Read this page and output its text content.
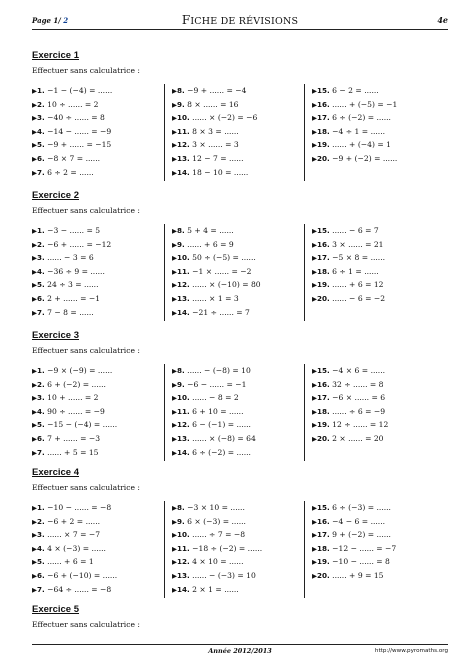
Page 1/ 2	FICHE DE RÉVISIONS	4e
Exercice 1
Effectuer sans calculatrice :
▶1. −1 − (−4) = ......
▶2. 10 ÷ ...... = 2
▶3. −40 ÷ ...... = 8
▶4. −14 − ...... = −9
▶5. −9 + ...... = −15
▶6. −8 × 7 = ......
▶7. 6 ÷ 2 = ......
▶8. −9 + ...... = −4
▶9. 8 × ...... = 16
▶10. ...... × (−2) = −6
▶11. 8 × 3 = ......
▶12. 3 × ...... = 3
▶13. 12 − 7 = ......
▶14. 18 − 10 = ......
▶15. 6 − 2 = ......
▶16. ...... + (−5) = −1
▶17. 6 ÷ (−2) = ......
▶18. −4 ÷ 1 = ......
▶19. ...... + (−4) = 1
▶20. −9 + (−2) = ......
Exercice 2
Effectuer sans calculatrice :
▶1. −3 − ...... = 5
▶2. −6 + ...... = −12
▶3. ...... − 3 = 6
▶4. −36 ÷ 9 = ......
▶5. 24 ÷ 3 = ......
▶6. 2 + ...... = −1
▶7. 7 − 8 = ......
▶8. 5 + 4 = ......
▶9. ...... + 6 = 9
▶10. 50 ÷ (−5) = ......
▶11. −1 × ...... = −2
▶12. ...... × (−10) = 80
▶13. ...... × 1 = 3
▶14. −21 ÷ ...... = 7
▶15. ...... − 6 = 7
▶16. 3 × ...... = 21
▶17. −5 × 8 = ......
▶18. 6 ÷ 1 = ......
▶19. ...... + 6 = 12
▶20. ...... − 6 = −2
Exercice 3
Effectuer sans calculatrice :
▶1. −9 × (−9) = ......
▶2. 6 + (−2) = ......
▶3. 10 + ...... = 2
▶4. 90 ÷ ...... = −9
▶5. −15 − (−4) = ......
▶6. 7 + ...... = −3
▶7. ...... + 5 = 15
▶8. ...... − (−8) = 10
▶9. −6 − ...... = −1
▶10. ...... − 8 = 2
▶11. 6 + 10 = ......
▶12. 6 − (−1) = ......
▶13. ...... × (−8) = 64
▶14. 6 ÷ (−2) = ......
▶15. −4 × 6 = ......
▶16. 32 ÷ ...... = 8
▶17. −6 × ...... = 6
▶18. ...... ÷ 6 = −9
▶19. 12 ÷ ...... = 12
▶20. 2 × ...... = 20
Exercice 4
Effectuer sans calculatrice :
▶1. −10 − ...... = −8
▶2. −6 + 2 = ......
▶3. ...... × 7 = −7
▶4. 4 × (−3) = ......
▶5. ...... + 6 = 1
▶6. −6 + (−10) = ......
▶7. −64 ÷ ...... = −8
▶8. −3 × 10 = ......
▶9. 6 × (−3) = ......
▶10. ...... ÷ 7 = −8
▶11. −18 ÷ (−2) = ......
▶12. 4 × 10 = ......
▶13. ...... − (−3) = 10
▶14. 2 × 1 = ......
▶15. 6 ÷ (−3) = ......
▶16. −4 − 6 = ......
▶17. 9 + (−2) = ......
▶18. −12 − ...... = −7
▶19. −10 − ...... = 8
▶20. ...... + 9 = 15
Exercice 5
Effectuer sans calculatrice :
Année 2012/2013	http://www.pyromaths.org
